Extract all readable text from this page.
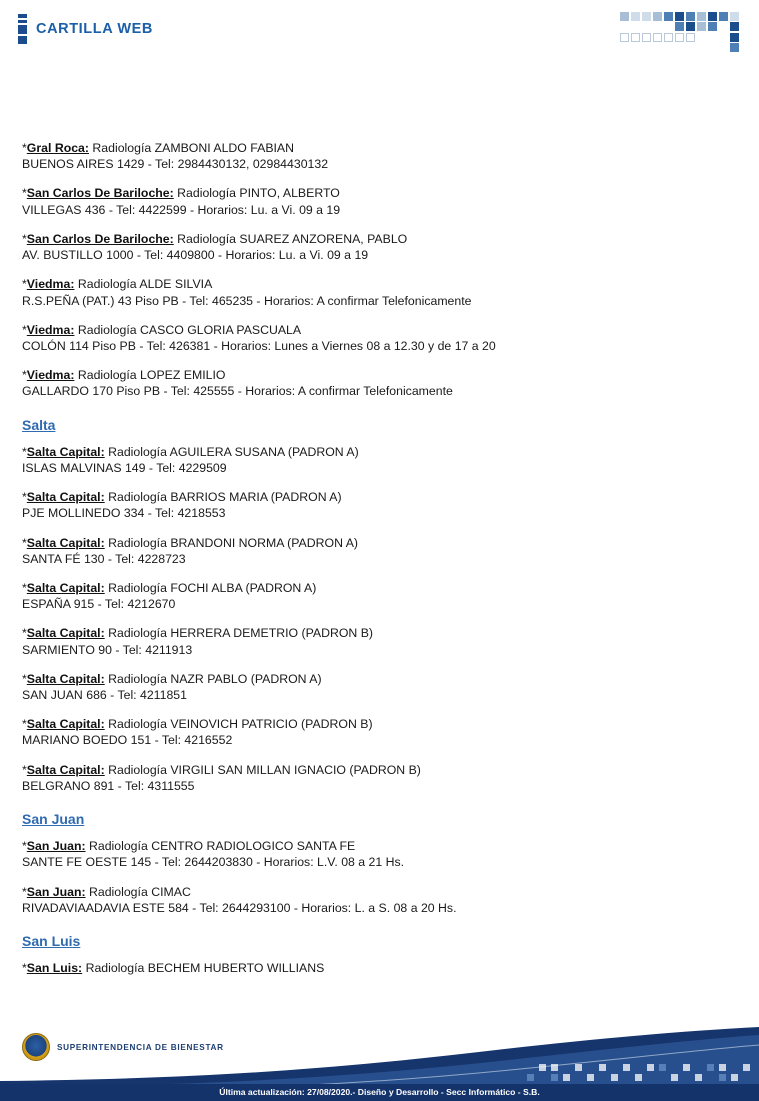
CARTILLA WEB
*Gral Roca: Radiología ZAMBONI ALDO FABIAN
BUENOS AIRES 1429 - Tel: 2984430132, 02984430132
*San Carlos De Bariloche: Radiología PINTO, ALBERTO
VILLEGAS 436 - Tel: 4422599 - Horarios: Lu. a Vi. 09 a 19
*San Carlos De Bariloche: Radiología SUAREZ ANZORENA, PABLO
AV. BUSTILLO 1000 - Tel: 4409800 - Horarios: Lu. a Vi. 09 a 19
*Viedma: Radiología ALDE SILVIA
R.S.PEÑA (PAT.) 43 Piso PB - Tel: 465235 - Horarios: A confirmar Telefonicamente
*Viedma: Radiología CASCO GLORIA PASCUALA
COLÓN 114 Piso PB - Tel: 426381 - Horarios: Lunes a Viernes 08 a 12.30 y de 17 a 20
*Viedma: Radiología LOPEZ EMILIO
GALLARDO 170 Piso PB - Tel: 425555 - Horarios: A confirmar Telefonicamente
Salta
*Salta Capital: Radiología AGUILERA SUSANA (PADRON A)
ISLAS MALVINAS 149 - Tel: 4229509
*Salta Capital: Radiología BARRIOS MARIA (PADRON A)
PJE MOLLINEDO 334 - Tel: 4218553
*Salta Capital: Radiología BRANDONI NORMA (PADRON A)
SANTA FÉ 130 - Tel: 4228723
*Salta Capital: Radiología FOCHI ALBA (PADRON A)
ESPAÑA 915 - Tel: 4212670
*Salta Capital: Radiología HERRERA DEMETRIO (PADRON B)
SARMIENTO 90 - Tel: 4211913
*Salta Capital: Radiología NAZR PABLO (PADRON A)
SAN JUAN 686 - Tel: 4211851
*Salta Capital: Radiología VEINOVICH PATRICIO (PADRON B)
MARIANO BOEDO 151 - Tel: 4216552
*Salta Capital: Radiología VIRGILI SAN MILLAN IGNACIO (PADRON B)
BELGRANO 891 - Tel: 4311555
San Juan
*San Juan: Radiología CENTRO RADIOLOGICO SANTA FE
SANTE FE OESTE 145 - Tel: 2644203830 - Horarios: L.V. 08 a 21 Hs.
*San Juan: Radiología CIMAC
RIVADAVIAADAVIA ESTE 584 - Tel: 2644293100 - Horarios: L. a S. 08 a 20 Hs.
San Luis
*San Luis: Radiología BECHEM HUBERTO WILLIANS
SUPERINTENDENCIA DE BIENESTAR
Última actualización: 27/08/2020.- Diseño y Desarrollo - Secc Informático - S.B.
